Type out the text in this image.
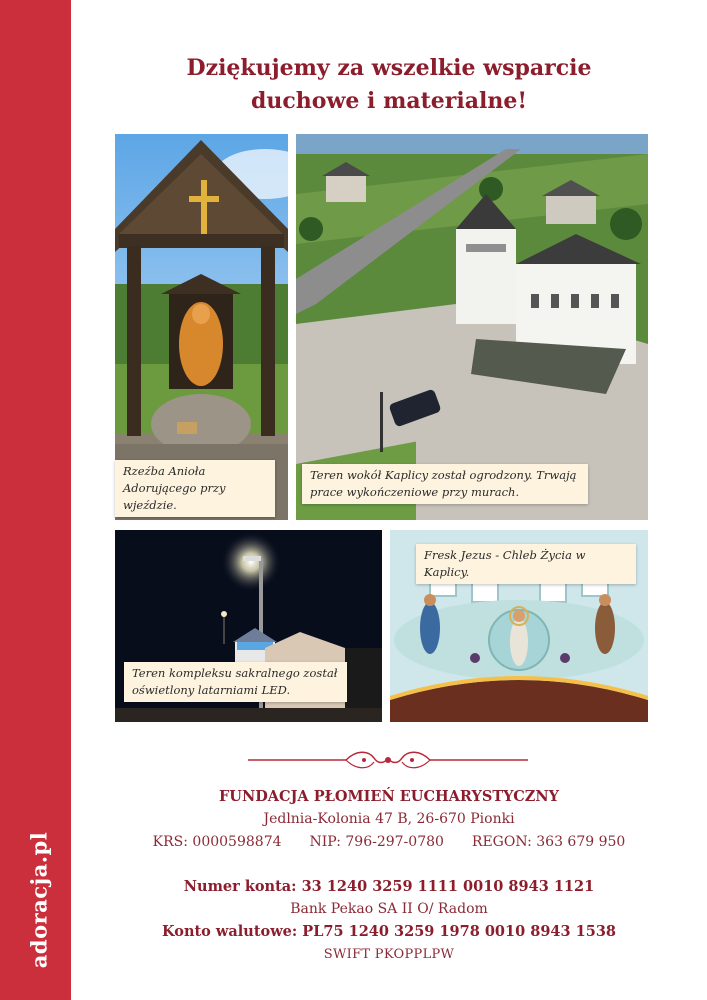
adoracja.pl
Dziękujemy za wszelkie wsparcie
duchowe i materialne!
Rzeźba Anioła
Adorującego przy
wjeździe.
Teren wokół Kaplicy został ogrodzony. Trwają
prace wykończeniowe przy murach.
Teren kompleksu sakralnego został
oświetlony latarniami LED.
Fresk Jezus - Chleb Życia w Kaplicy.
FUNDACJA PŁOMIEŃ EUCHARYSTYCZNY
Jedlnia-Kolonia 47 B, 26-670 Pionki
KRS: 0000598874 NIP: 796-297-0780 REGON: 363 679 950
Numer konta: 33 1240 3259 1111 0010 8943 1121
Bank Pekao SA II O/ Radom
Konto walutowe: PL75 1240 3259 1978 0010 8943 1538
SWIFT PKOPPLPW
